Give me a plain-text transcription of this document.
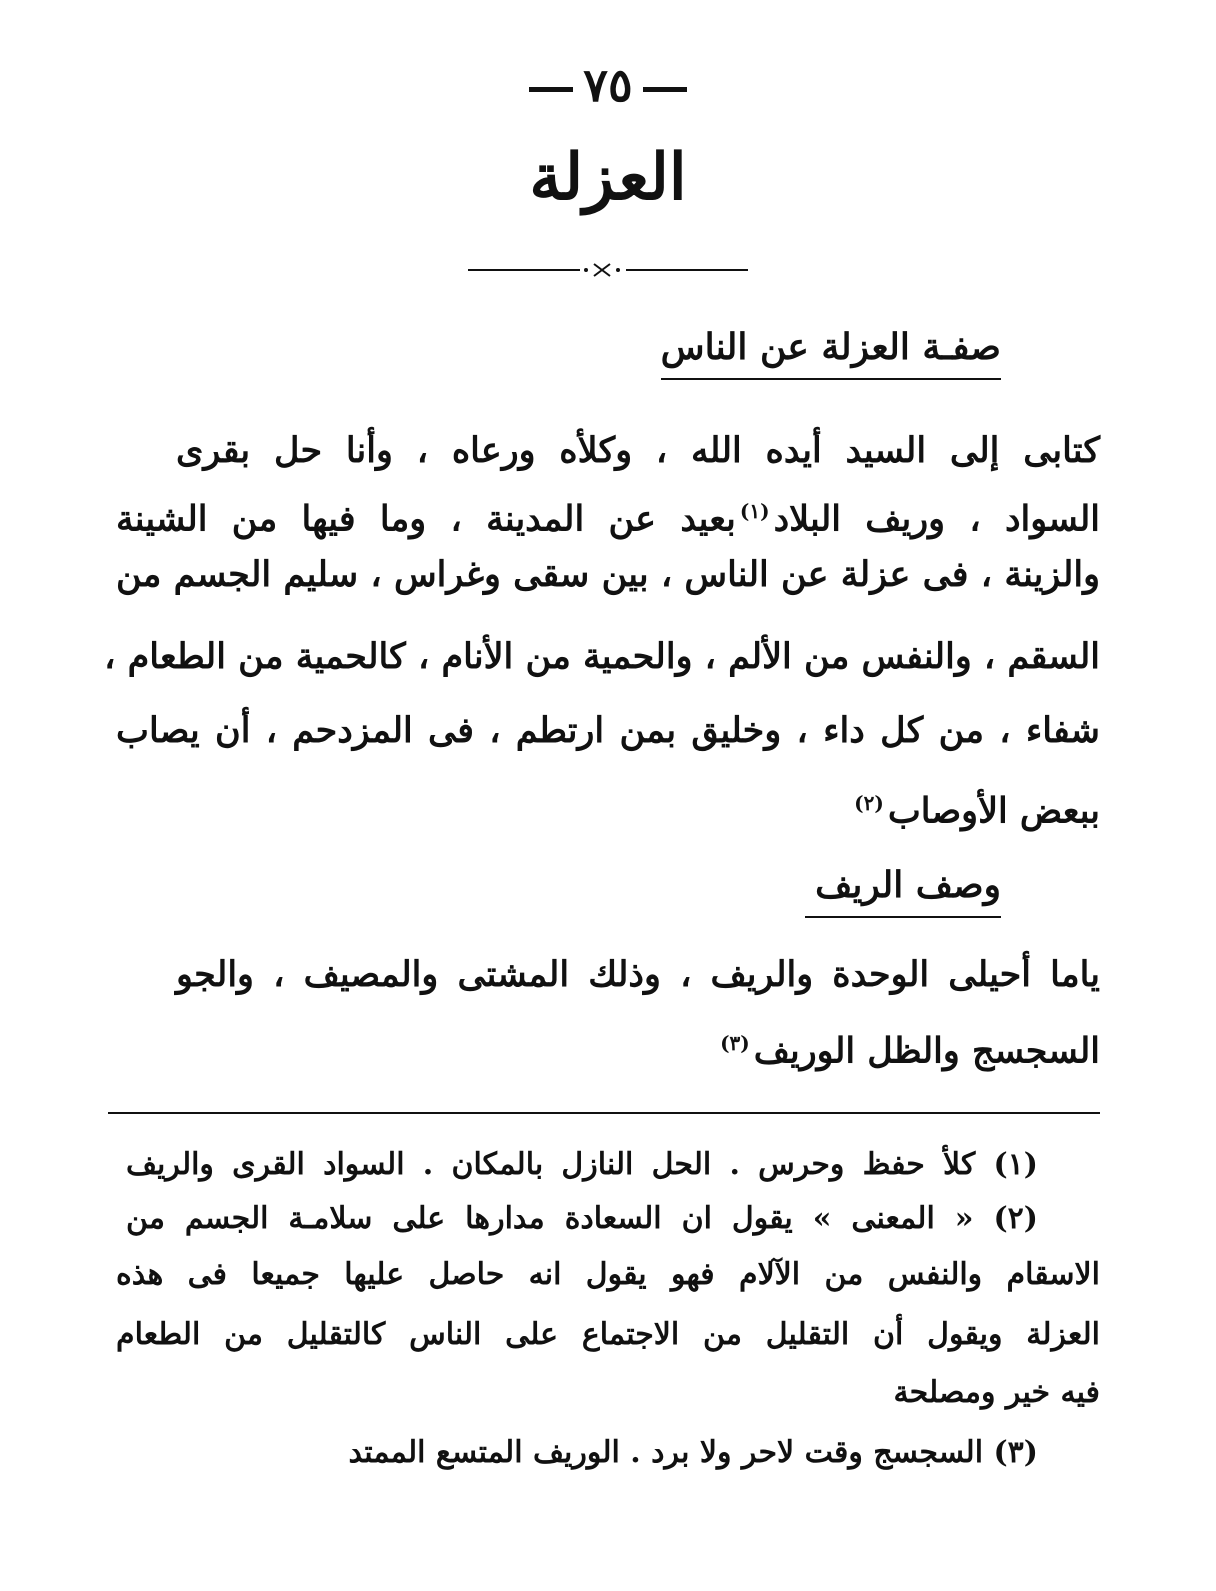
٧٥
العزلة
صفـة العزلة عن الناس
كتابى إلى السيد أيده الله ، وكلأه ورعاه ، وأنا حل بقرى
السواد ، وريف البلاد$^{(١)}$بعيد عن المدينة ، وما فيها من الشينة
والزينة ، فى عزلة عن الناس ، بين سقى وغراس ، سليم الجسم من
السقم ، والنفس من الألم ، والحمية من الأنام ، كالحمية من الطعام ،
شفاء ، من كل داء ، وخليق بمن ارتطم ، فى المزدحم ، أن يصاب
ببعض الأوصاب$^{(٢)}$
وصف الريف
ياما أحيلى الوحدة والريف ، وذلك المشتى والمصيف ، والجو
السجسج والظل الوريف$^{(٣)}$
(١) كلأ حفظ وحرس . الحل النازل بالمكان . السواد القرى والريف
(٢) « المعنى » يقول ان السعادة مدارها على سلامـة الجسم من
الاسقام والنفس من الآلام فهو يقول انه حاصل عليها جميعا فى هذه
العزلة ويقول أن التقليل من الاجتماع على الناس كالتقليل من الطعام
فيه خير ومصلحة
(٣) السجسج وقت لاحر ولا برد . الوريف المتسع الممتد
